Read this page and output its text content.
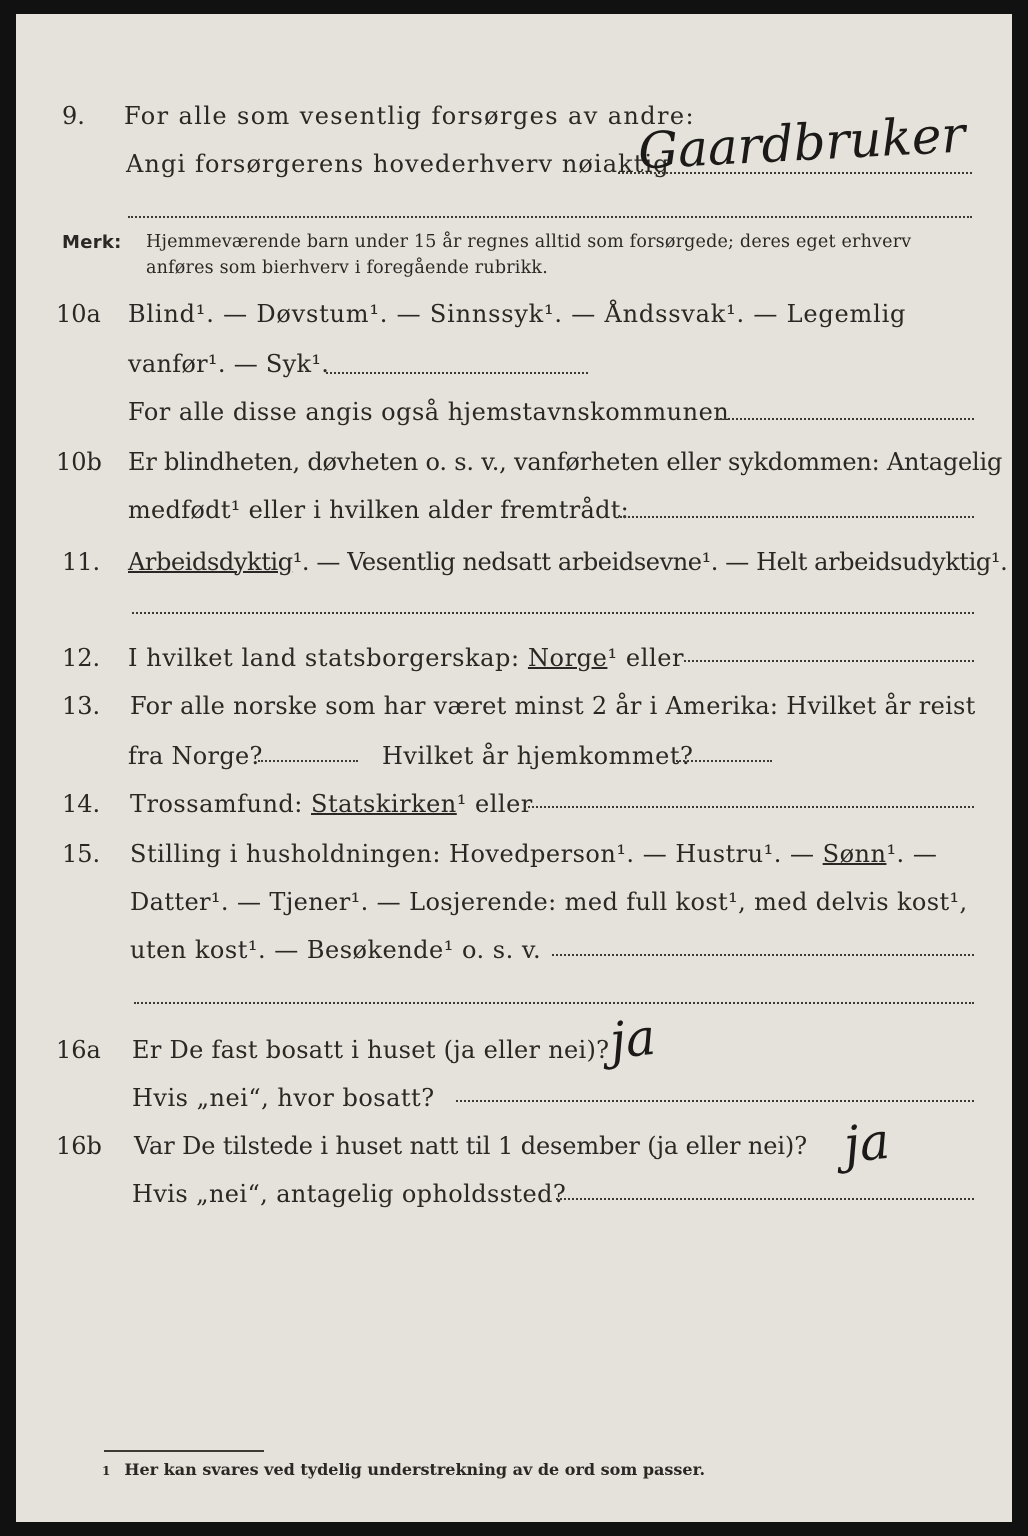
9. For alle som vesentlig forsørges av andre:
Angi forsørgerens hovederhverv nøiaktig
Gaardbruker
Merk: Hjemmeværende barn under 15 år regnes alltid som forsørgede; deres eget erhverv
anføres som bierhverv i foregående rubrikk.
10a Blind¹. — Døvstum¹. — Sinnssyk¹. — Åndssvak¹. — Legemlig
vanfør¹. — Syk¹.
For alle disse angis også hjemstavnskommunen
10b Er blindheten, døvheten o. s. v., vanførheten eller sykdommen: Antagelig
medfødt¹ eller i hvilken alder fremtrådt:
11. Arbeidsdyktig¹. — Vesentlig nedsatt arbeidsevne¹. — Helt arbeidsudyktig¹.
12. I hvilket land statsborgerskap: Norge¹ eller
13. For alle norske som har været minst 2 år i Amerika: Hvilket år reist
fra Norge?	Hvilket år hjemkommet?
14. Trossamfund: Statskirken¹ eller
15. Stilling i husholdningen: Hovedperson¹. — Hustru¹. — Sønn¹. —
Datter¹. — Tjener¹. — Losjerende: med full kost¹, med delvis kost¹,
uten kost¹. — Besøkende¹ o. s. v.
16a Er De fast bosatt i huset (ja eller nei)?
ja
Hvis „nei“, hvor bosatt?
16b Var De tilstede i huset natt til 1 desember (ja eller nei)? ja
Hvis „nei“, antagelig opholdssted?
1 Her kan svares ved tydelig understrekning av de ord som passer.
